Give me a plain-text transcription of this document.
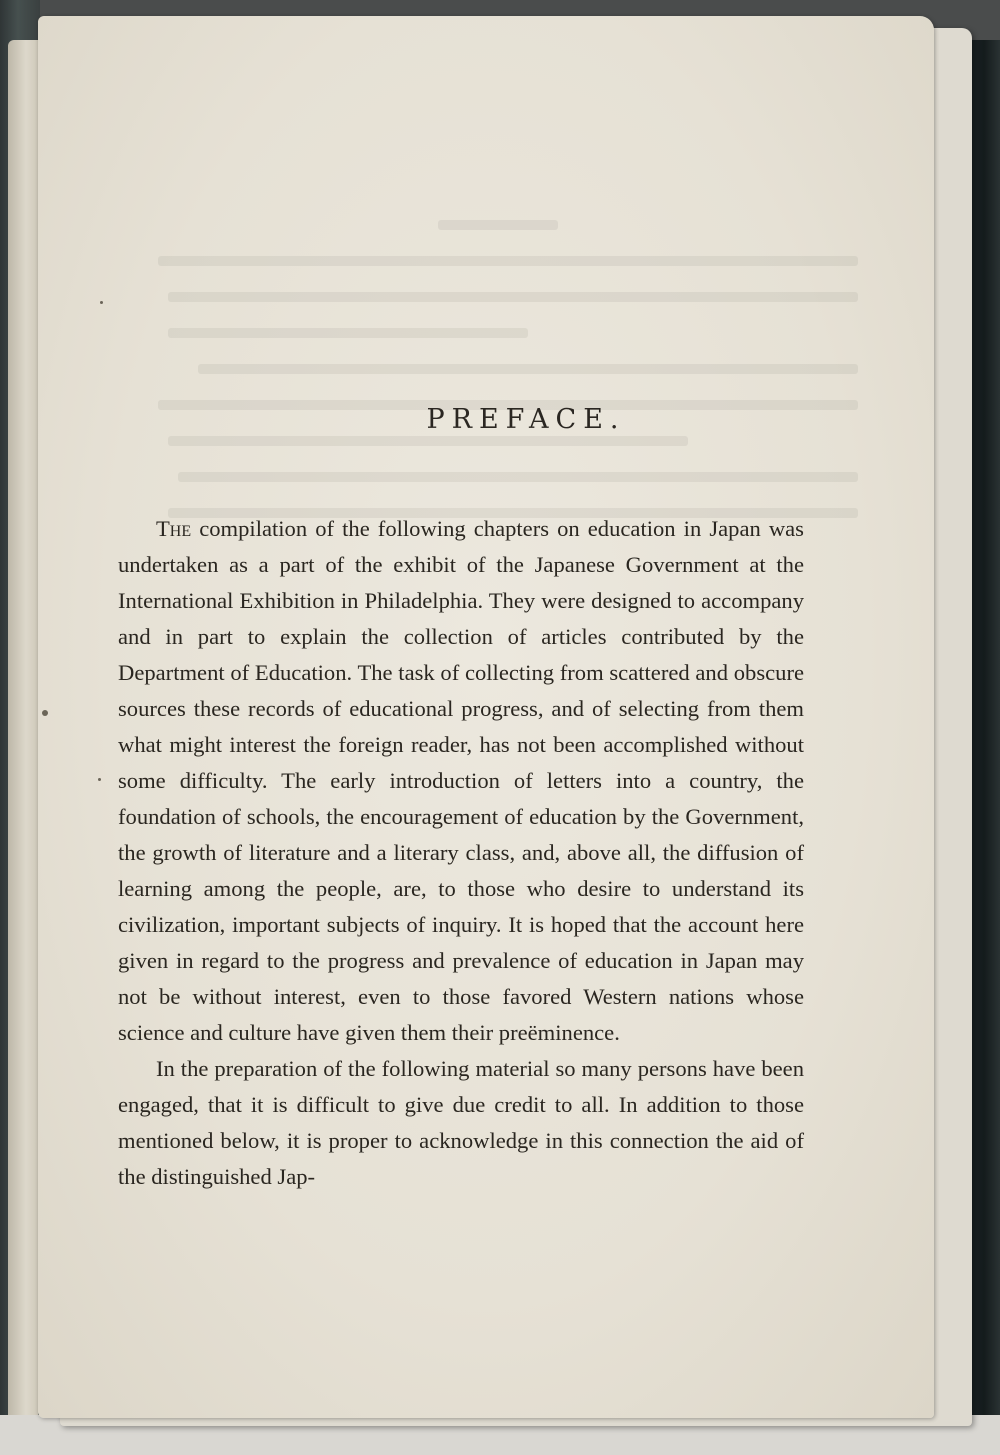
PREFACE.

The compilation of the following chapters on education in Japan was undertaken as a part of the exhibit of the Japanese Government at the International Exhibition in Philadelphia. They were designed to accompany and in part to explain the collection of articles contributed by the Department of Education. The task of collecting from scattered and obscure sources these records of educational progress, and of selecting from them what might interest the foreign reader, has not been accomplished without some difficulty. The early introduction of letters into a country, the foundation of schools, the encouragement of education by the Government, the growth of literature and a literary class, and, above all, the diffusion of learning among the people, are, to those who desire to understand its civilization, important subjects of inquiry. It is hoped that the account here given in regard to the progress and prevalence of education in Japan may not be without interest, even to those favored Western nations whose science and culture have given them their preëminence.

In the preparation of the following material so many persons have been engaged, that it is difficult to give due credit to all. In addition to those mentioned below, it is proper to acknowledge in this connection the aid of the distinguished Jap-
